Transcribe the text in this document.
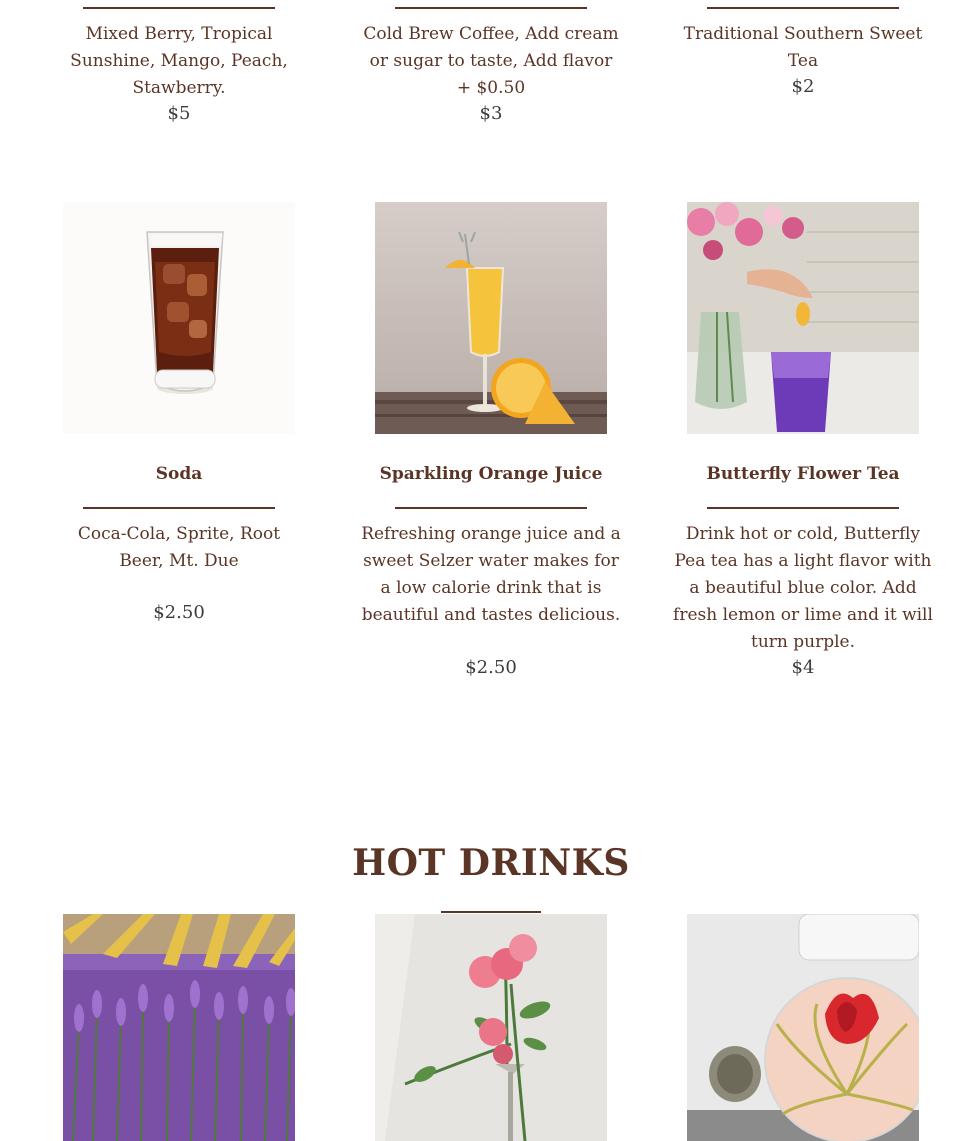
Mixed Berry, Tropical Sunshine, Mango, Peach, Stawberry.
Cold Brew Coffee, Add cream or sugar to taste, Add flavor + $0.50
Traditional Southern Sweet Tea
$5	$3
$2
Soda	Sparkling Orange Juice	Butterfly Flower Tea
Coca-Cola, Sprite, Root Beer, Mt. Due
Refreshing orange juice and a sweet Selzer water makes for a low calorie drink that is beautiful and tastes delicious.
Drink hot or cold, Butterfly Pea tea has a light flavor with a beautiful blue color. Add fresh lemon or lime and it will turn purple.
$2.50
$2.50	$4
HOT DRINKS
